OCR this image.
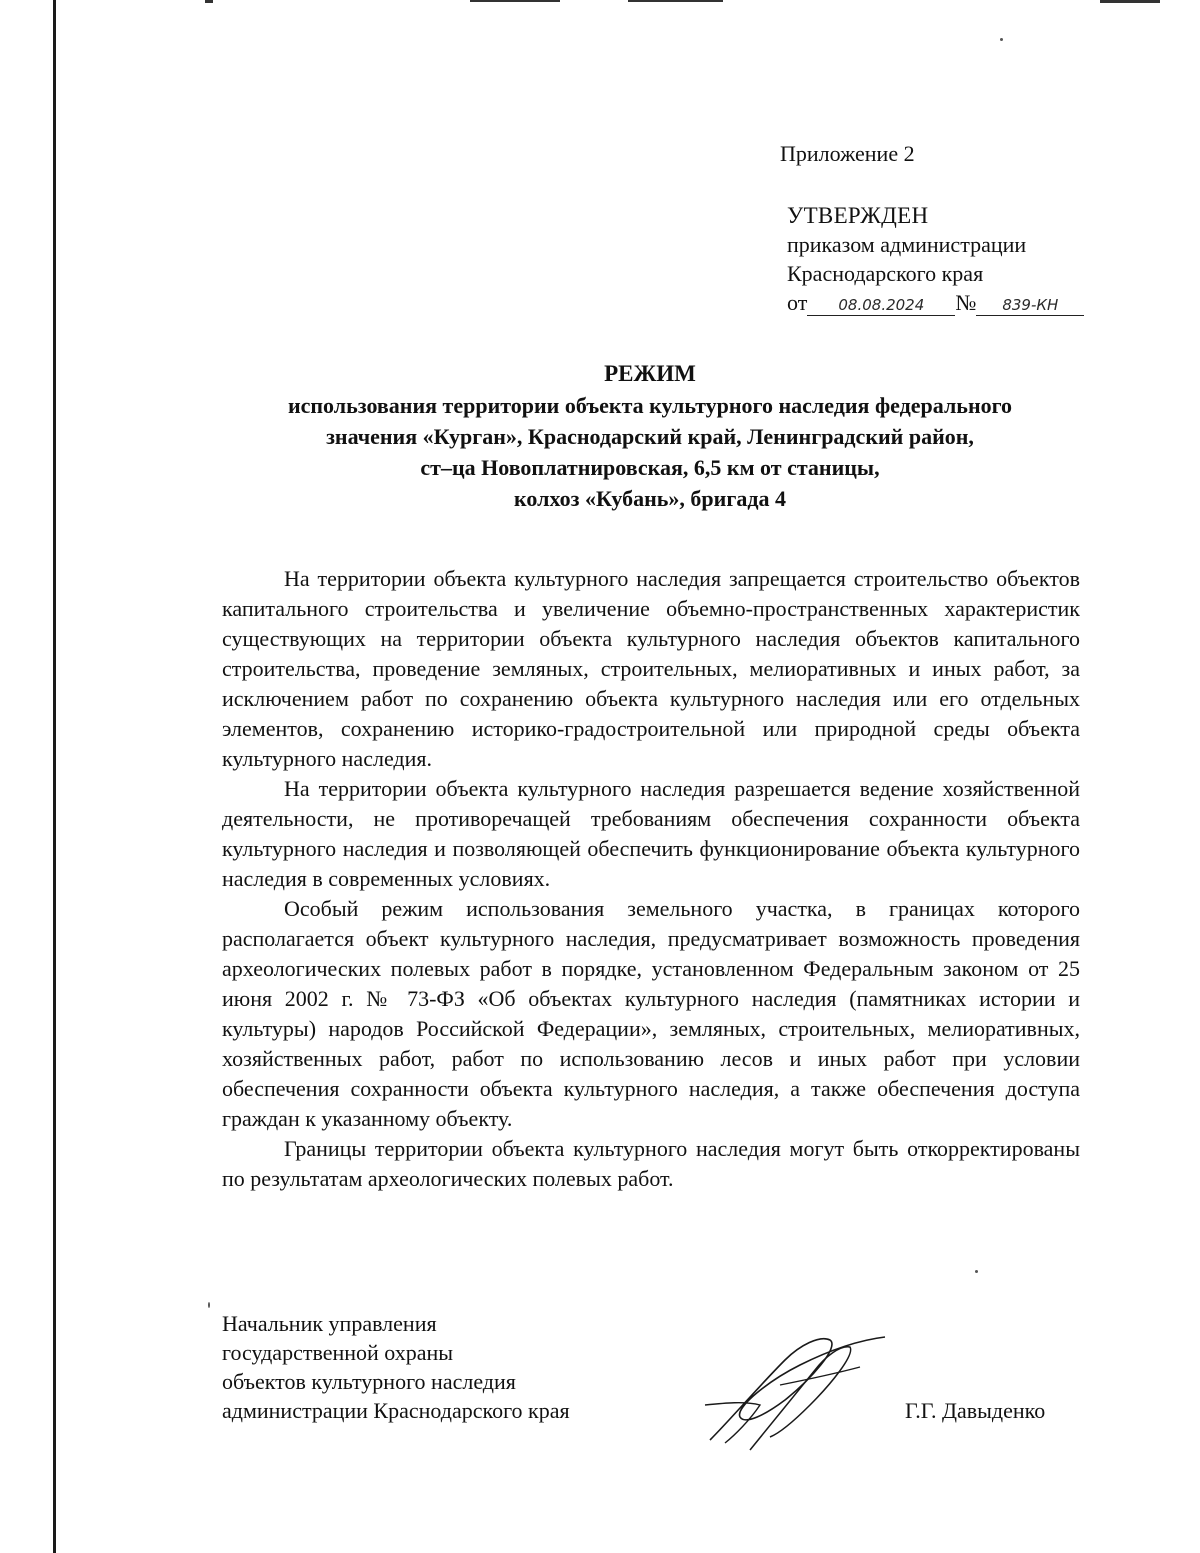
Приложение 2
УТВЕРЖДЕН
приказом администрации
Краснодарского края
от 08.08.2024 № 839-КН
РЕЖИМ
использования территории объекта культурного наследия федерального
значения «Курган», Краснодарский край, Ленинградский район,
ст–ца Новоплатнировская, 6,5 км от станицы,
колхоз «Кубань», бригада 4

На территории объекта культурного наследия запрещается строительство объектов капитального строительства и увеличение объемно-пространственных характеристик существующих на территории объекта культурного наследия объектов капитального строительства, проведение земляных, строительных, мелиоративных и иных работ, за исключением работ по сохранению объекта культурного наследия или его отдельных элементов, сохранению историко-градостроительной или природной среды объекта культурного наследия.

На территории объекта культурного наследия разрешается ведение хозяйственной деятельности, не противоречащей требованиям обеспечения сохранности объекта культурного наследия и позволяющей обеспечить функционирование объекта культурного наследия в современных условиях.

Особый режим использования земельного участка, в границах которого располагается объект культурного наследия, предусматривает возможность проведения археологических полевых работ в порядке, установленном Федеральным законом от 25 июня 2002 г. № 73-ФЗ «Об объектах культурного наследия (памятниках истории и культуры) народов Российской Федерации», земляных, строительных, мелиоративных, хозяйственных работ, работ по использованию лесов и иных работ при условии обеспечения сохранности объекта культурного наследия, а также обеспечения доступа граждан к указанному объекту.

Границы территории объекта культурного наследия могут быть откорректированы по результатам археологических полевых работ.

Начальник управления
государственной охраны
объектов культурного наследия
администрации Краснодарского края	Г.Г. Давыденко
